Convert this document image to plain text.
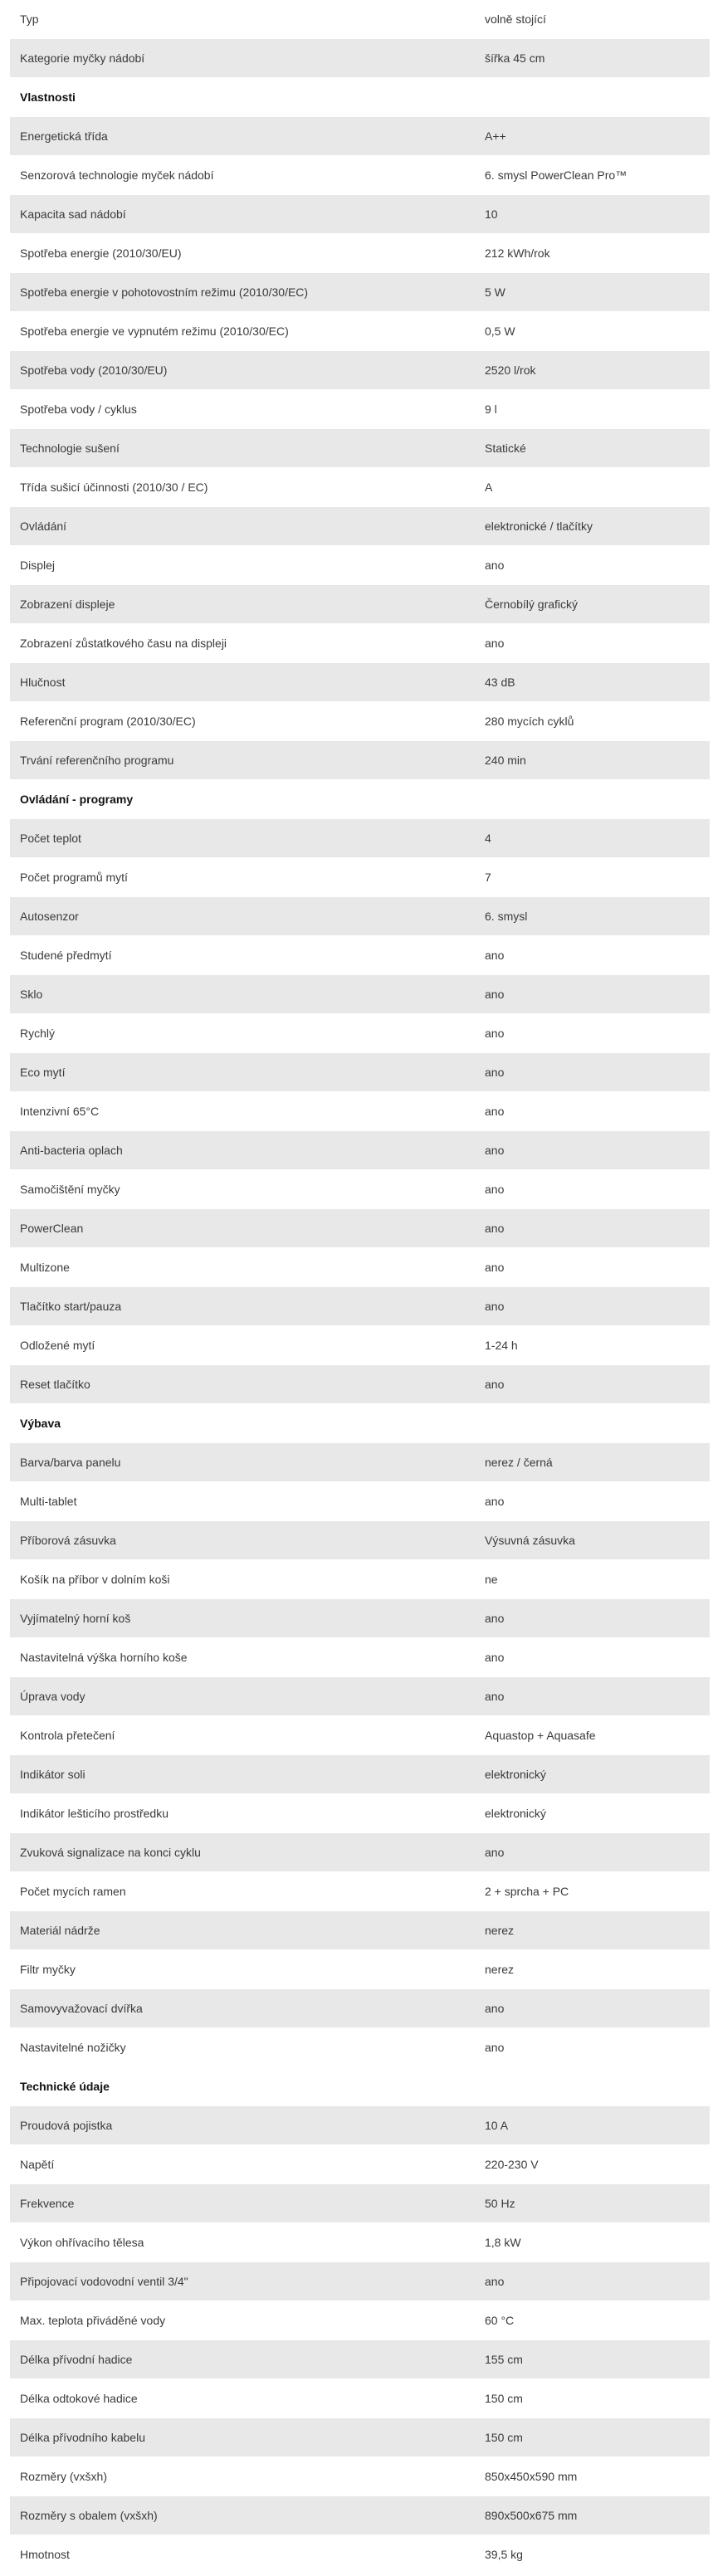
Typ	volně stojící
Kategorie myčky nádobí	šířka 45 cm
Vlastnosti	
Energetická třída	A++
Senzorová technologie myček nádobí	6. smysl PowerClean Pro™
Kapacita sad nádobí	10
Spotřeba energie (2010/30/EU)	212 kWh/rok
Spotřeba energie v pohotovostním režimu (2010/30/EC)	5 W
Spotřeba energie ve vypnutém režimu (2010/30/EC)	0,5 W
Spotřeba vody (2010/30/EU)	2520 l/rok
Spotřeba vody / cyklus	9 l
Technologie sušení	Statické
Třída sušicí účinnosti (2010/30 / EC)	A
Ovládání	elektronické / tlačítky
Displej	ano
Zobrazení displeje	Černobílý grafický
Zobrazení zůstatkového času na displeji	ano
Hlučnost	43 dB
Referenční program (2010/30/EC)	280 mycích cyklů
Trvání referenčního programu	240 min
Ovládání - programy	
Počet teplot	4
Počet programů mytí	7
Autosenzor	6. smysl
Studené předmytí	ano
Sklo	ano
Rychlý	ano
Eco mytí	ano
Intenzivní 65°C	ano
Anti-bacteria oplach	ano
Samočištění myčky	ano
PowerClean	ano
Multizone	ano
Tlačítko start/pauza	ano
Odložené mytí	1-24 h
Reset tlačítko	ano
Výbava	
Barva/barva panelu	nerez / černá
Multi-tablet	ano
Příborová zásuvka	Výsuvná zásuvka
Košík na příbor v dolním koši	ne
Vyjímatelný horní koš	ano
Nastavitelná výška horního koše	ano
Úprava vody	ano
Kontrola přetečení	Aquastop + Aquasafe
Indikátor soli	elektronický
Indikátor lešticího prostředku	elektronický
Zvuková signalizace na konci cyklu	ano
Počet mycích ramen	2 + sprcha + PC
Materiál nádrže	nerez
Filtr myčky	nerez
Samovyvažovací dvířka	ano
Nastavitelné nožičky	ano
Technické údaje	
Proudová pojistka	10 A
Napětí	220-230 V
Frekvence	50 Hz
Výkon ohřívacího tělesa	1,8 kW
Připojovací vodovodní ventil 3/4"	ano
Max. teplota přiváděné vody	60 °C
Délka přívodní hadice	155 cm
Délka odtokové hadice	150 cm
Délka přívodního kabelu	150 cm
Rozměry (vxšxh)	850x450x590 mm
Rozměry s obalem (vxšxh)	890x500x675 mm
Hmotnost	39,5 kg
